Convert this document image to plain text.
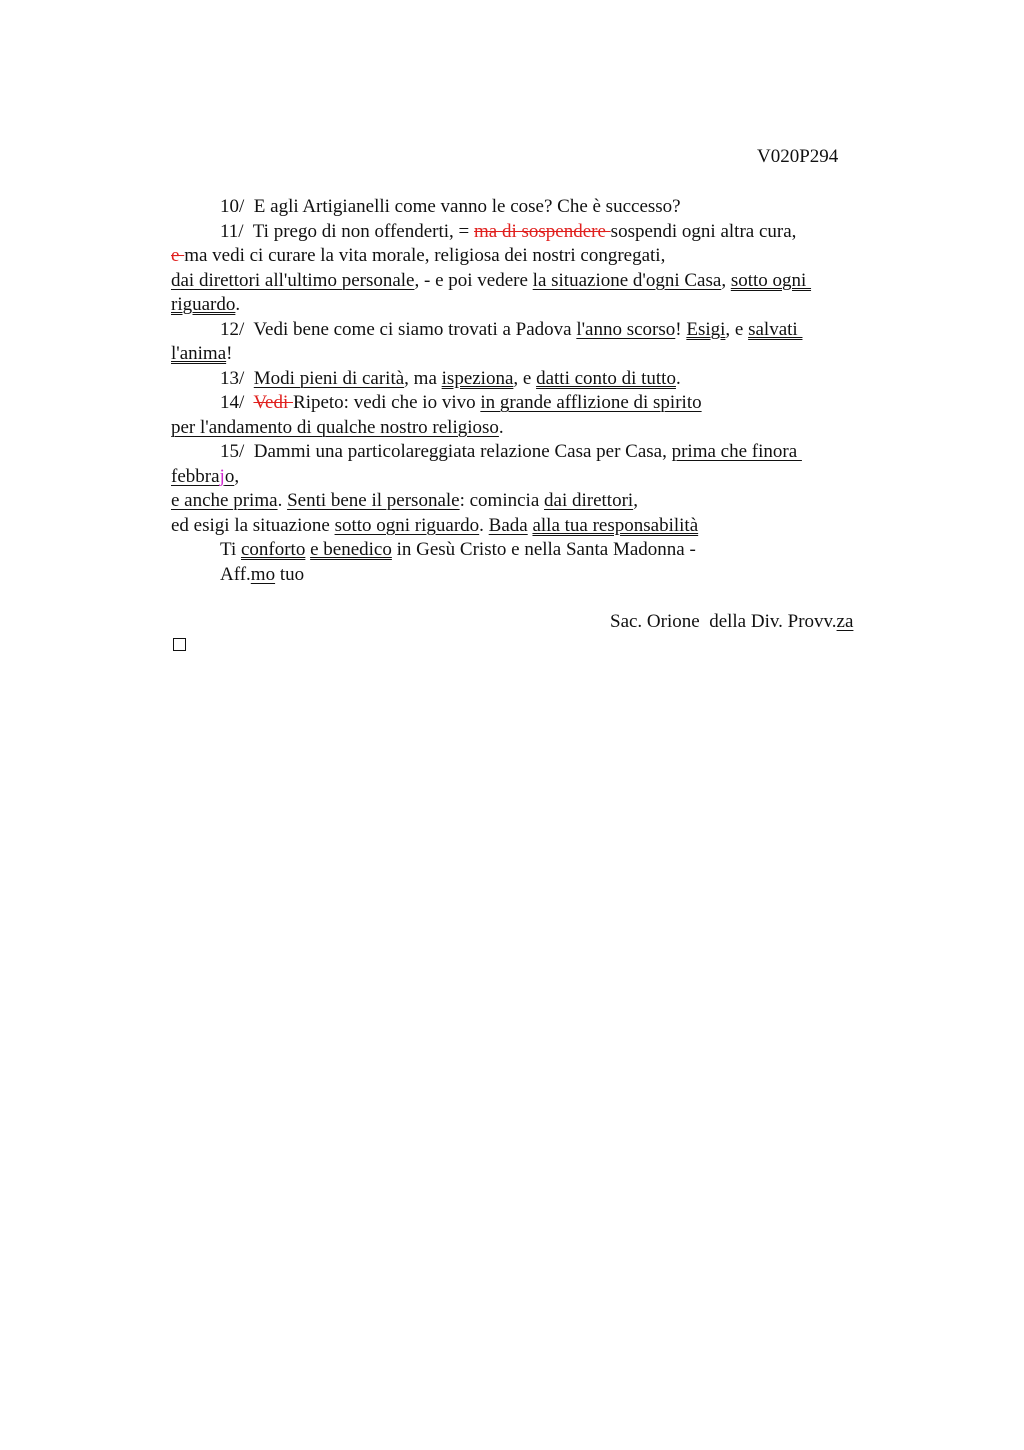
V020P294
10/  E agli Artigianelli come vanno le cose? Che è successo?
11/  Ti prego di non offenderti, = ma di sospendere sospendi ogni altra cura,
e ma vedi ci curare la vita morale, religiosa dei nostri congregati,
dai direttori all'ultimo personale, - e poi vedere la situazione d'ogni Casa, sotto ogni
riguardo.
12/  Vedi bene come ci siamo trovati a Padova l'anno scorso! Esigi, e salvati
l'anima!
13/  Modi pieni di carità, ma ispeziona, e datti conto di tutto.
14/  Vedi Ripeto: vedi che io vivo in grande afflizione di spirito
per l'andamento di qualche nostro religioso.
15/  Dammi una particolareggiata relazione Casa per Casa, prima che finora
febbrajo,
e anche prima. Senti bene il personale: comincia dai direttori,
ed esigi la situazione sotto ogni riguardo. Bada alla tua responsabilità
Ti conforto e benedico in Gesù Cristo e nella Santa Madonna -
Aff.mo tuo
Sac. Orione  della Div. Provv.za
